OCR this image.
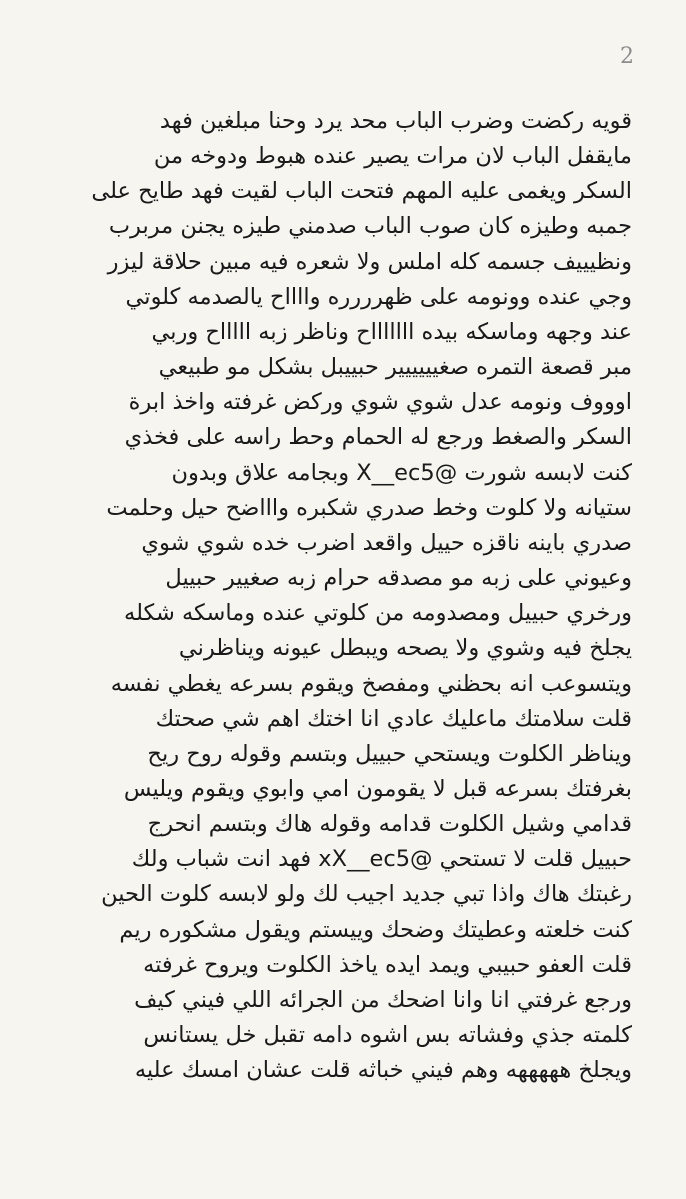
2
قويه ركضت وضرب الباب محد يرد وحنا مبلغين فهد
مايقفل الباب لان مرات يصير عنده هبوط ودوخه من
السكر ويغمى عليه المهم فتحت الباب لقيت فهد طايح على
جمبه وطيزه كان صوب الباب صدمني طيزه يجنن مربرب
ونظيييف جسمه كله املس ولا شعره فيه مبين حلاقة ليزر
وجي عنده وونومه على ظهرررره وااااح يالصدمه كلوتي
عند وجهه وماسكه بيده اااااااح وناظر زبه اااااح وربي
مبر قصعة التمره صغيييييير حبييبل بشكل مو طبيعي
اوووف ونومه عدل شوي شوي وركض غرفته واخذ ابرة
السكر والصغط ورجع له الحمام وحط راسه على فخذي
كنت لابسه شورت @X__ec5 وبجامه علاق وبدون
ستيانه ولا كلوت وخط صدري شكبره واااضح حيل وحلمت
صدري باينه ناقزه حييل واقعد اضرب خده شوي شوي
وعيوني على زبه مو مصدقه حرام زبه صغيير حبييل
ورخري حبييل ومصدومه من كلوتي عنده وماسكه شكله
يجلخ فيه وشوي ولا يصحه ويبطل عيونه ويناظرني
ويتسوعب انه بحظني ومفصخ ويقوم بسرعه يغطي نفسه
قلت سلامتك ماعليك عادي انا اختك اهم شي صحتك
ويناظر الكلوت ويستحي حبييل وبتسم وقوله روح ريح
بغرفتك بسرعه قبل لا يقومون امي وابوي ويقوم ويليس
قدامي وشيل الكلوت قدامه وقوله هاك وبتسم انحرج
حبييل قلت لا تستحي @xX__ec5 فهد انت شباب ولك
رغبتك هاك واذا تبي جديد اجيب لك ولو لابسه كلوت الحين
كنت خلعته وعطيتك وضحك وييستم ويقول مشكوره ريم
قلت العفو حبيبي ويمد ايده ياخذ الكلوت ويروح غرفته
ورجع غرفتي انا وانا اضحك من الجرائه اللي فيني كيف
كلمته جذي وفشاته بس اشوه دامه تقبل خل يستانس
ويجلخ هههههه وهم فيني خباثه قلت عشان امسك عليه
